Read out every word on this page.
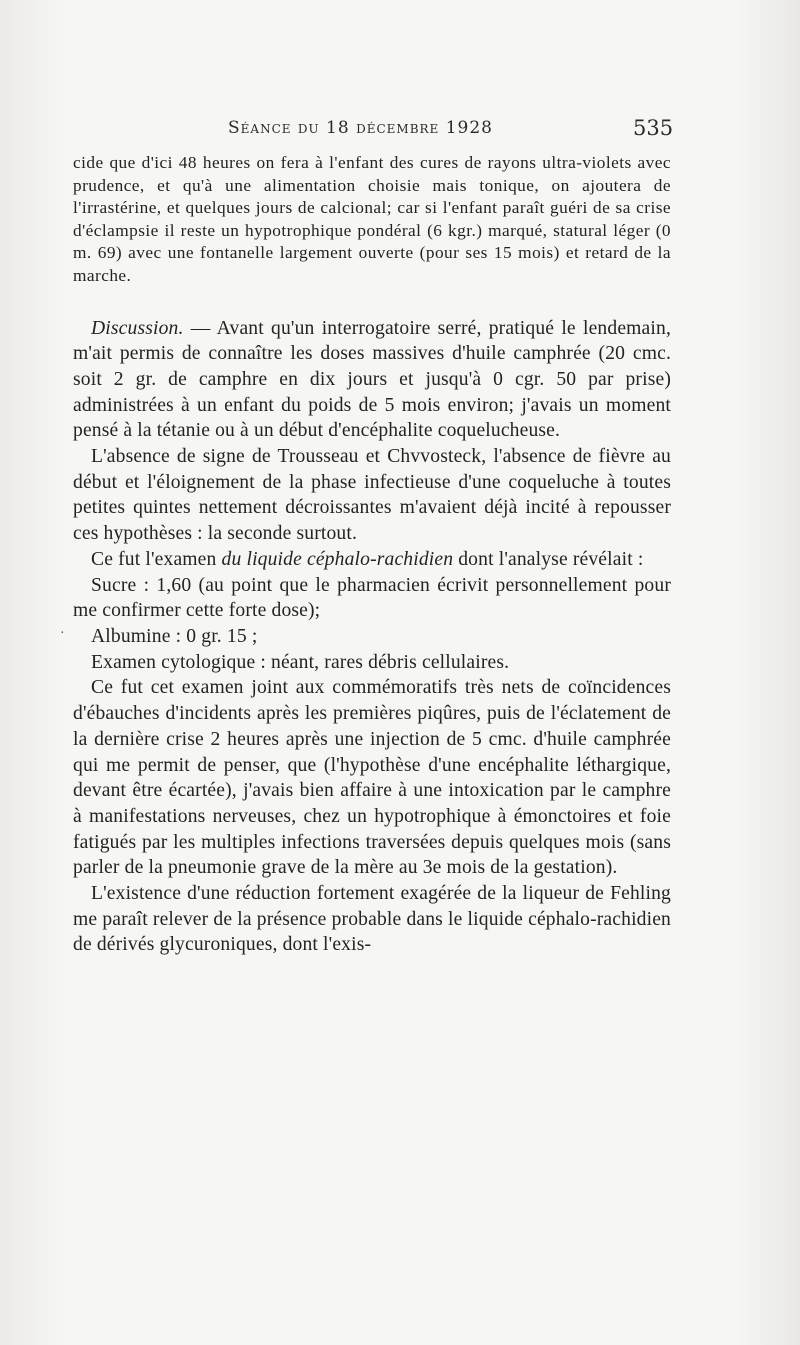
Séance du 18 décembre 1928	535
·

cide que d'ici 48 heures on fera à l'enfant des cures de rayons ultra-violets avec prudence, et qu'à une alimentation choisie mais tonique, on ajoutera de l'irrastérine, et quelques jours de calcional; car si l'enfant paraît guéri de sa crise d'éclampsie il reste un hypotrophique pondéral (6 kgr.) marqué, statural léger (0 m. 69) avec une fontanelle largement ouverte (pour ses 15 mois) et retard de la marche.

Discussion. — Avant qu'un interrogatoire serré, pratiqué le lendemain, m'ait permis de connaître les doses massives d'huile camphrée (20 cmc. soit 2 gr. de camphre en dix jours et jusqu'à 0 cgr. 50 par prise) administrées à un enfant du poids de 5 mois environ; j'avais un moment pensé à la tétanie ou à un début d'encéphalite coquelucheuse.

L'absence de signe de Trousseau et Chvvosteck, l'absence de fièvre au début et l'éloignement de la phase infectieuse d'une coqueluche à toutes petites quintes nettement décroissantes m'avaient déjà incité à repousser ces hypothèses : la seconde surtout.

Ce fut l'examen du liquide céphalo-rachidien dont l'analyse révélait :

Sucre : 1,60 (au point que le pharmacien écrivit personnellement pour me confirmer cette forte dose);

Albumine : 0 gr. 15 ;

Examen cytologique : néant, rares débris cellulaires.

Ce fut cet examen joint aux commémoratifs très nets de coïncidences d'ébauches d'incidents après les premières piqûres, puis de l'éclatement de la dernière crise 2 heures après une injection de 5 cmc. d'huile camphrée qui me permit de penser, que (l'hypothèse d'une encéphalite léthargique, devant être écartée), j'avais bien affaire à une intoxication par le camphre à manifestations nerveuses, chez un hypotrophique à émonctoires et foie fatigués par les multiples infections traversées depuis quelques mois (sans parler de la pneumonie grave de la mère au 3e mois de la gestation).

L'existence d'une réduction fortement exagérée de la liqueur de Fehling me paraît relever de la présence probable dans le liquide céphalo-rachidien de dérivés glycuroniques, dont l'exis-
